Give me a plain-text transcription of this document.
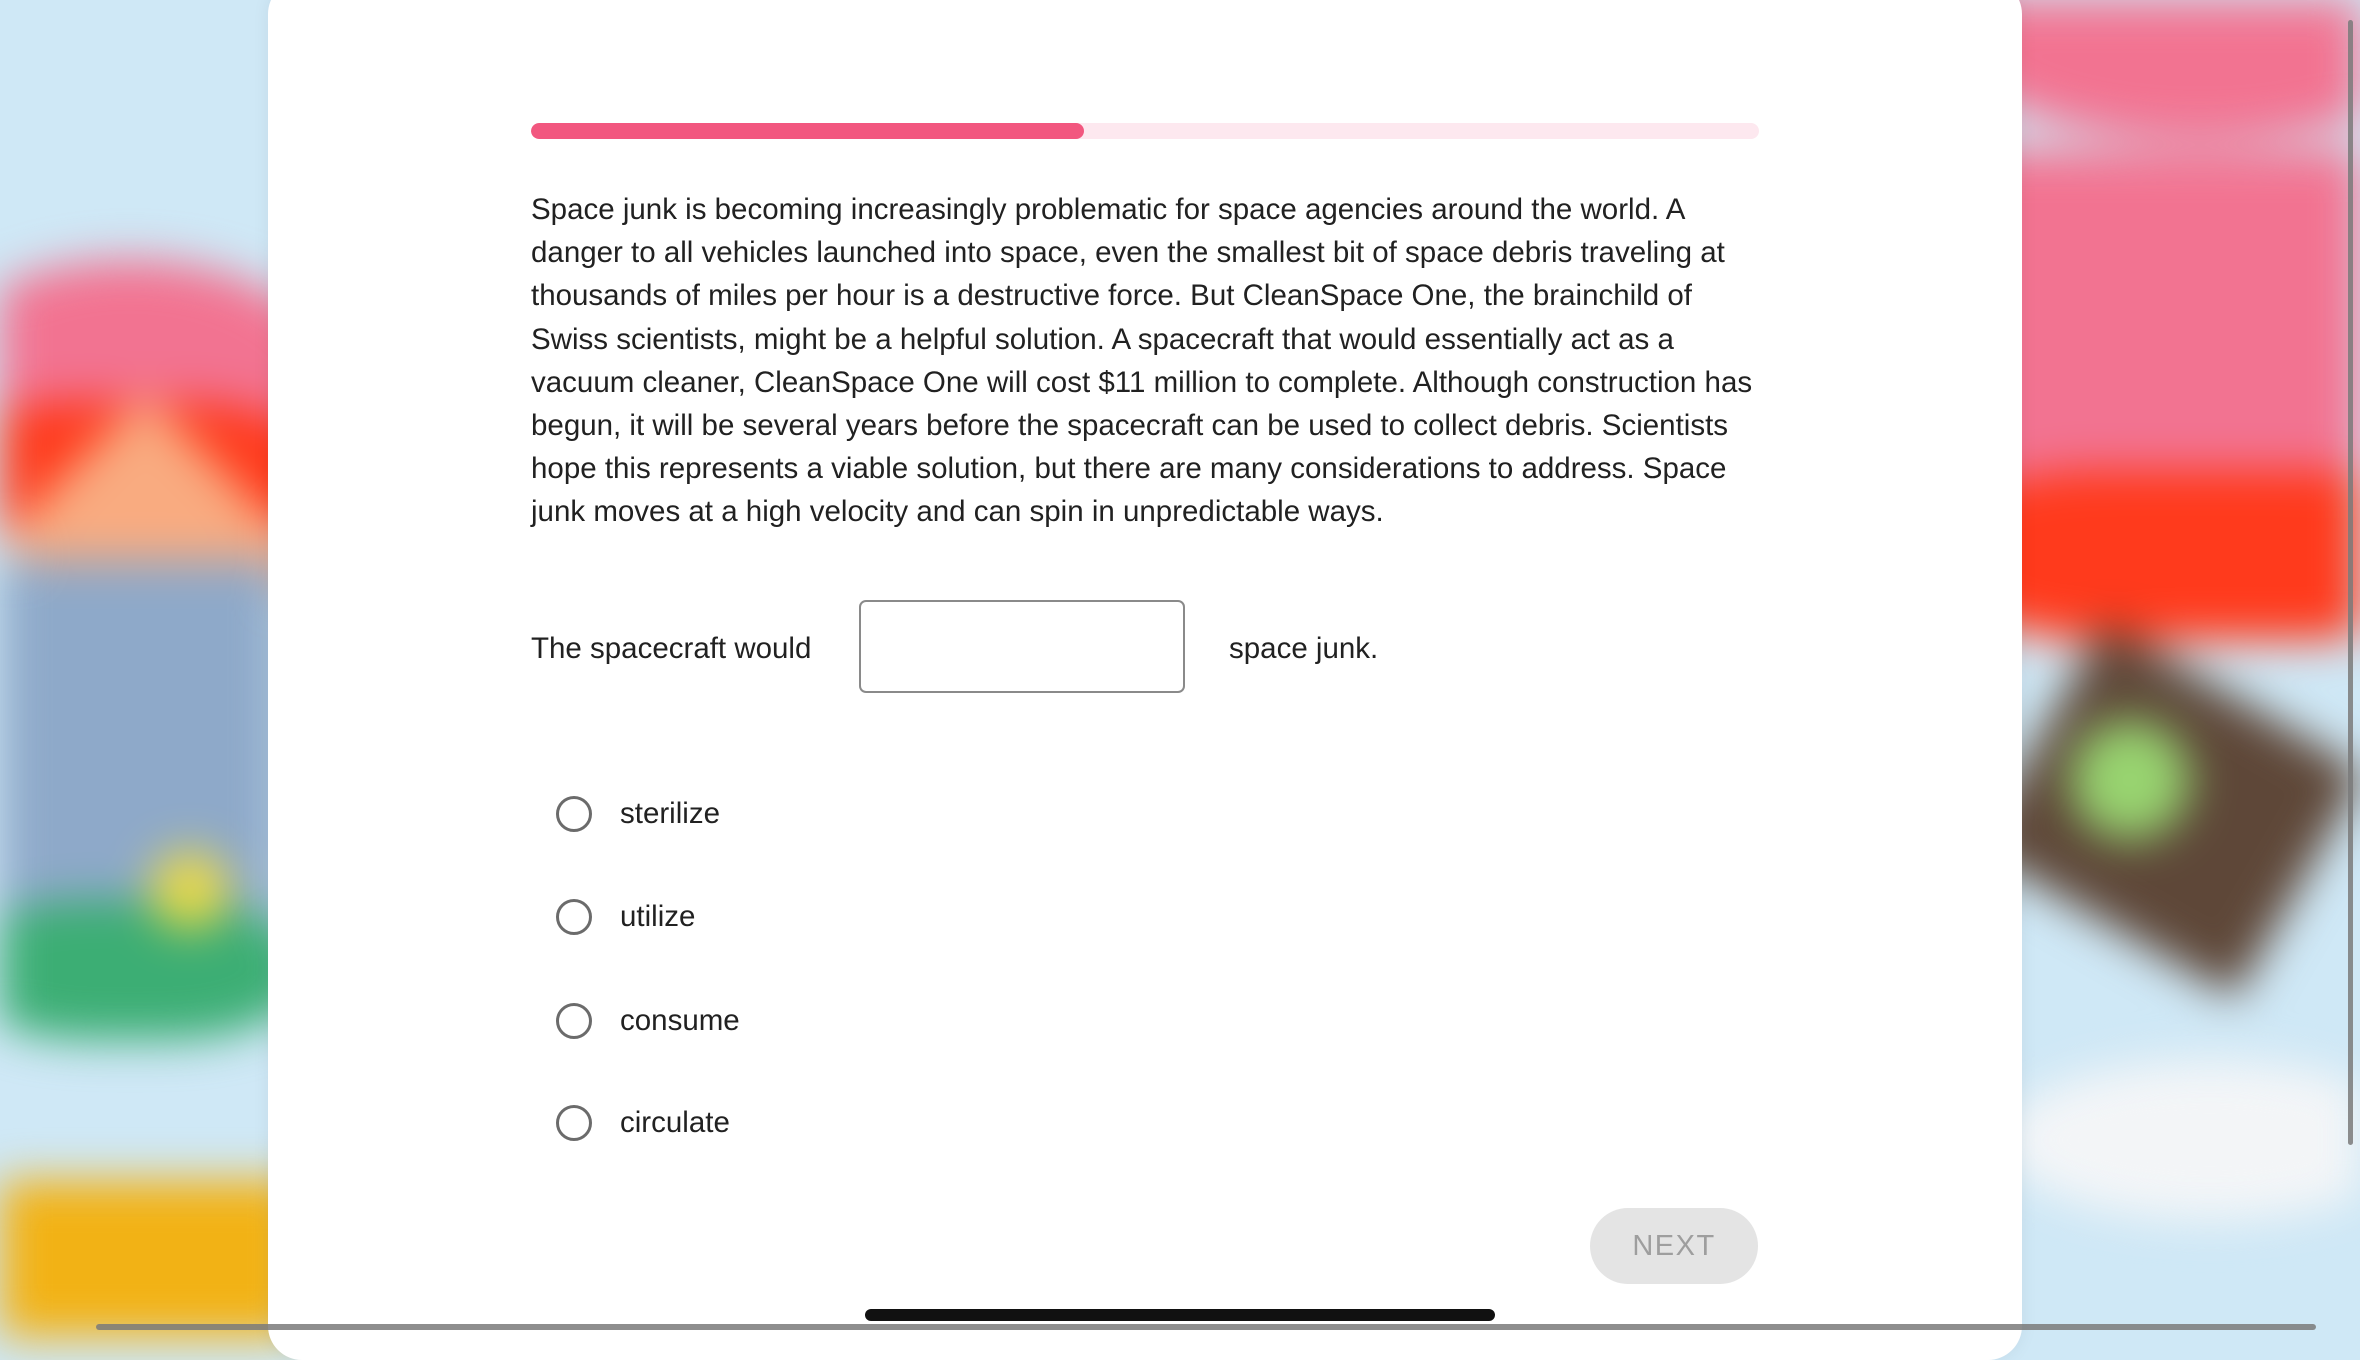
Space junk is becoming increasingly problematic for space agencies around the world. A danger to all vehicles launched into space, even the smallest bit of space debris traveling at thousands of miles per hour is a destructive force. But CleanSpace One, the brainchild of Swiss scientists, might be a helpful solution. A spacecraft that would essentially act as a vacuum cleaner, CleanSpace One will cost $11 million to complete. Although construction has begun, it will be several years before the spacecraft can be used to collect debris. Scientists hope this represents a viable solution, but there are many considerations to address. Space junk moves at a high velocity and can spin in unpredictable ways.

The spacecraft would	space junk.
sterilize
utilize
consume
circulate
NEXT
